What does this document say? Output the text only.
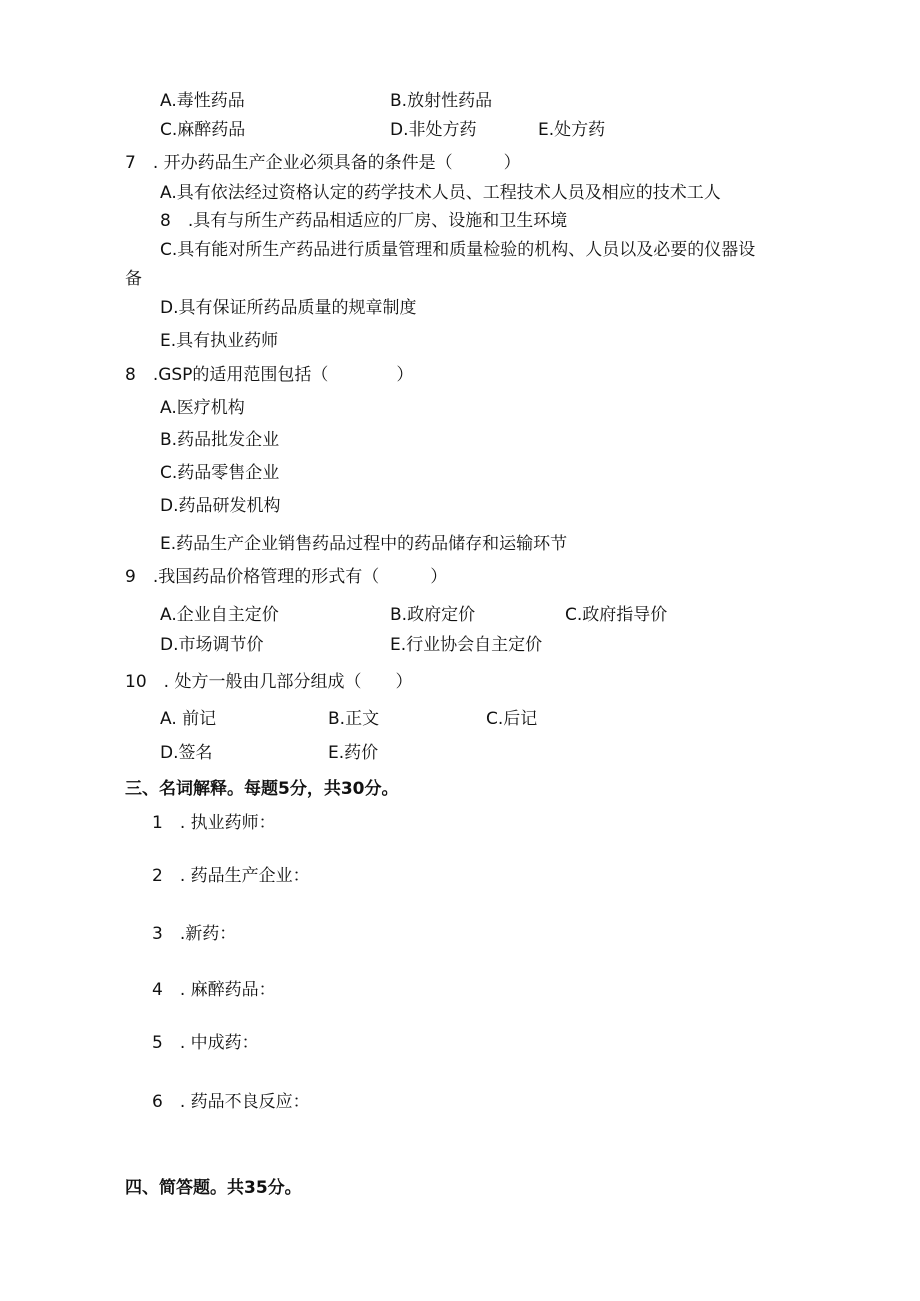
A.毒性药品	B.放射性药品
C.麻醉药品	D.非处方药	E.处方药
7　. 开办药品生产企业必须具备的条件是（　　　）
A.具有依法经过资格认定的药学技术人员、工程技术人员及相应的技术工人
8　.具有与所生产药品相适应的厂房、设施和卫生环境
C.具有能对所生产药品进行质量管理和质量检验的机构、人员以及必要的仪器设
备
D.具有保证所药品质量的规章制度
E.具有执业药师
8　.GSP的适用范围包括（　　　　）
A.医疗机构
B.药品批发企业
C.药品零售企业
D.药品研发机构
E.药品生产企业销售药品过程中的药品储存和运输环节
9　.我国药品价格管理的形式有（　　　）
A.企业自主定价	B.政府定价	C.政府指导价
D.市场调节价	E.行业协会自主定价
10　. 处方一般由几部分组成（　　）
A. 前记	B.正文	C.后记
D.签名	E.药价
三、名词解释。每题5分，共30分。
1　. 执业药师：
2　. 药品生产企业：
3　.新药：
4　. 麻醉药品：
5　. 中成药：
6　. 药品不良反应：
四、简答题。共35分。
